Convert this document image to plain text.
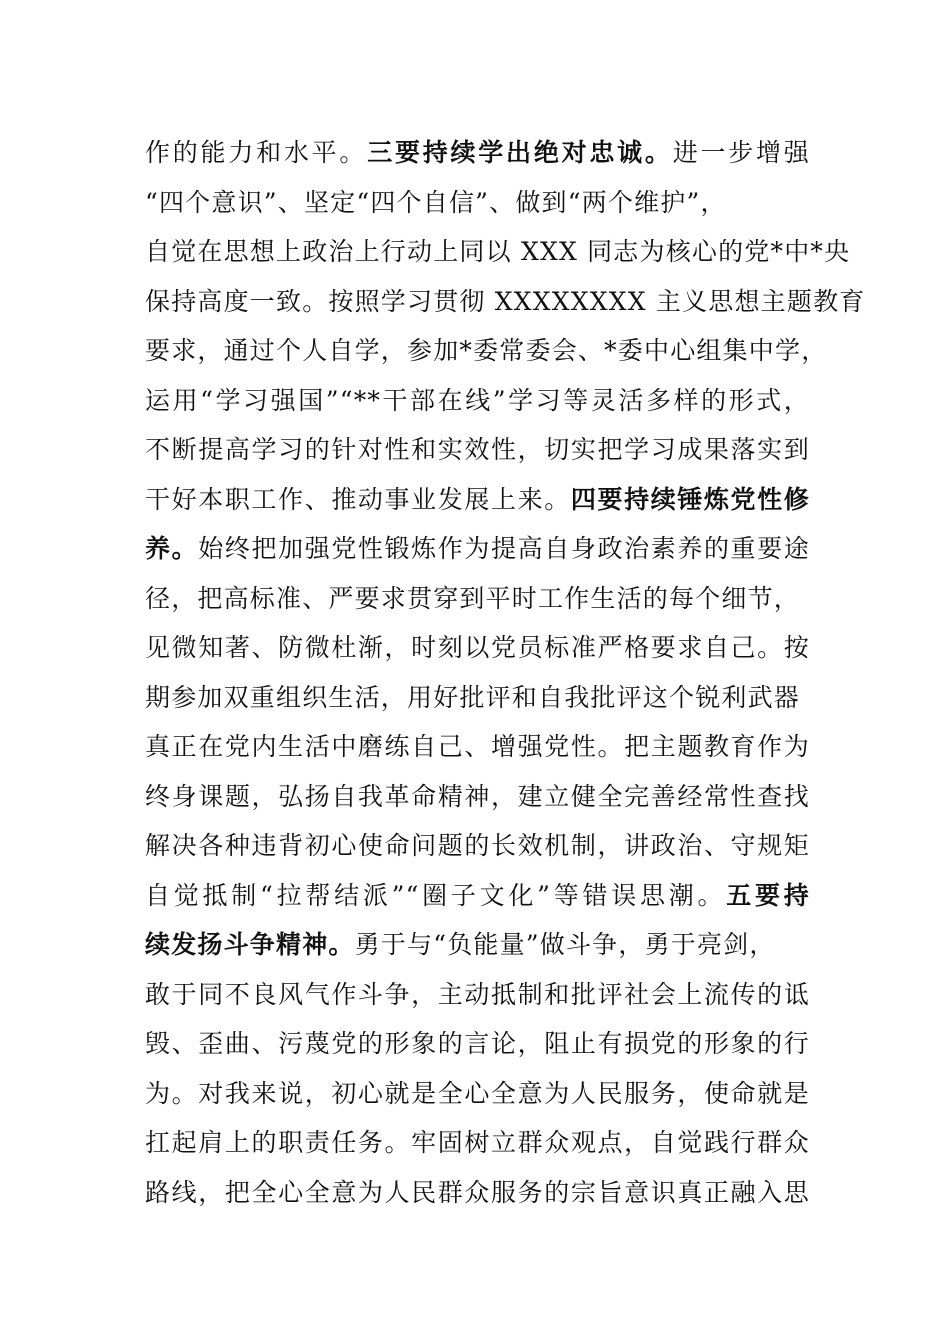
作的能力和水平。三要持续学出绝对忠诚。进一步增强
“四个意识”、坚定“四个自信”、做到“两个维护”，
自觉在思想上政治上行动上同以 XXX 同志为核心的党*中*央
保持高度一致。按照学习贯彻 XXXXXXXX 主义思想主题教育
要求，通过个人自学，参加*委常委会、*委中心组集中学，
运用“学习强国”“**干部在线”学习等灵活多样的形式，
不断提高学习的针对性和实效性，切实把学习成果落实到
干好本职工作、推动事业发展上来。四要持续锤炼党性修
养。始终把加强党性锻炼作为提高自身政治素养的重要途
径，把高标准、严要求贯穿到平时工作生活的每个细节，
见微知著、防微杜渐，时刻以党员标准严格要求自己。按
期参加双重组织生活，用好批评和自我批评这个锐利武器
真正在党内生活中磨练自己、增强党性。把主题教育作为
终身课题，弘扬自我革命精神，建立健全完善经常性查找
解决各种违背初心使命问题的长效机制，讲政治、守规矩
自觉抵制“拉帮结派”“圈子文化”等错误思潮。五要持
续发扬斗争精神。勇于与“负能量”做斗争，勇于亮剑，
敢于同不良风气作斗争，主动抵制和批评社会上流传的诋
毁、歪曲、污蔑党的形象的言论，阻止有损党的形象的行
为。对我来说，初心就是全心全意为人民服务，使命就是
扛起肩上的职责任务。牢固树立群众观点，自觉践行群众
路线，把全心全意为人民群众服务的宗旨意识真正融入思
